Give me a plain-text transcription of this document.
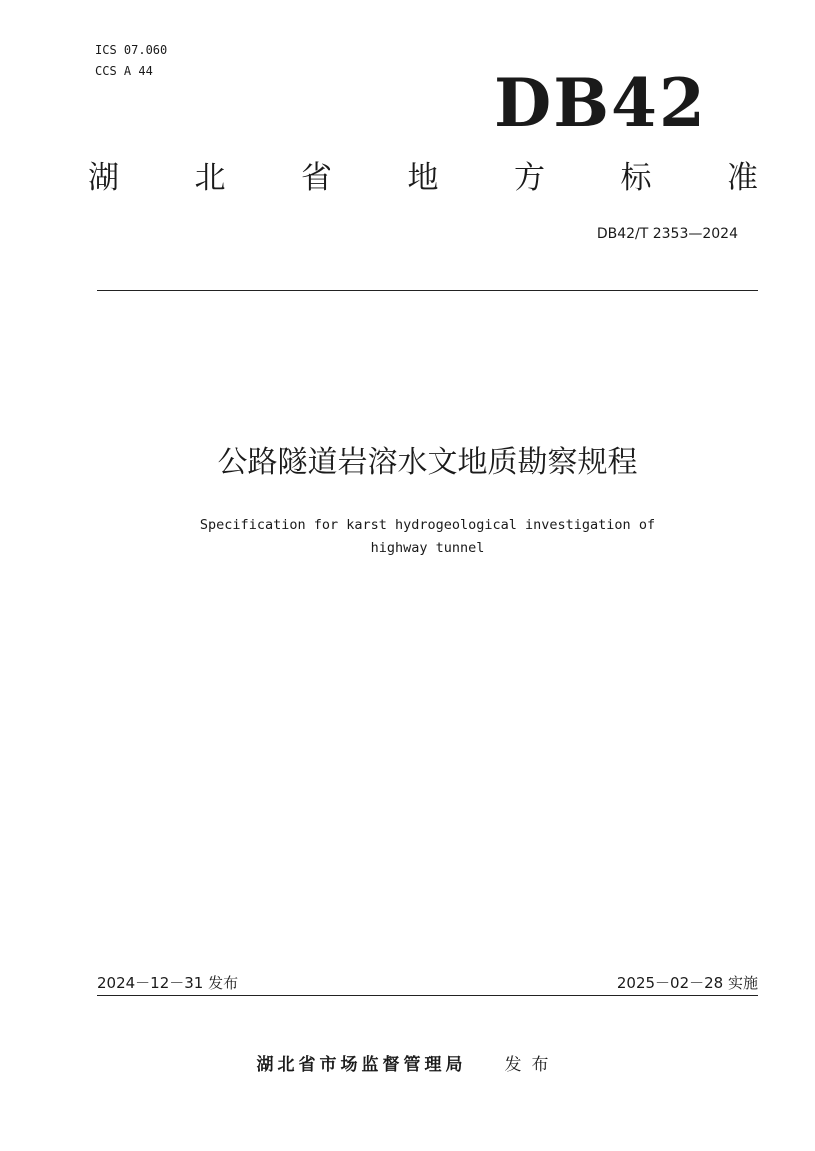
ICS 07.060
CCS A 44	DB42
湖 北 省 地 方 标 准
DB42/T 2353—2024
公路隧道岩溶水文地质勘察规程
Specification for karst hydrogeological investigation of
highway tunnel
2024－12－31 发布	2025－02－28 实施
湖北省市场监督管理局 发布
